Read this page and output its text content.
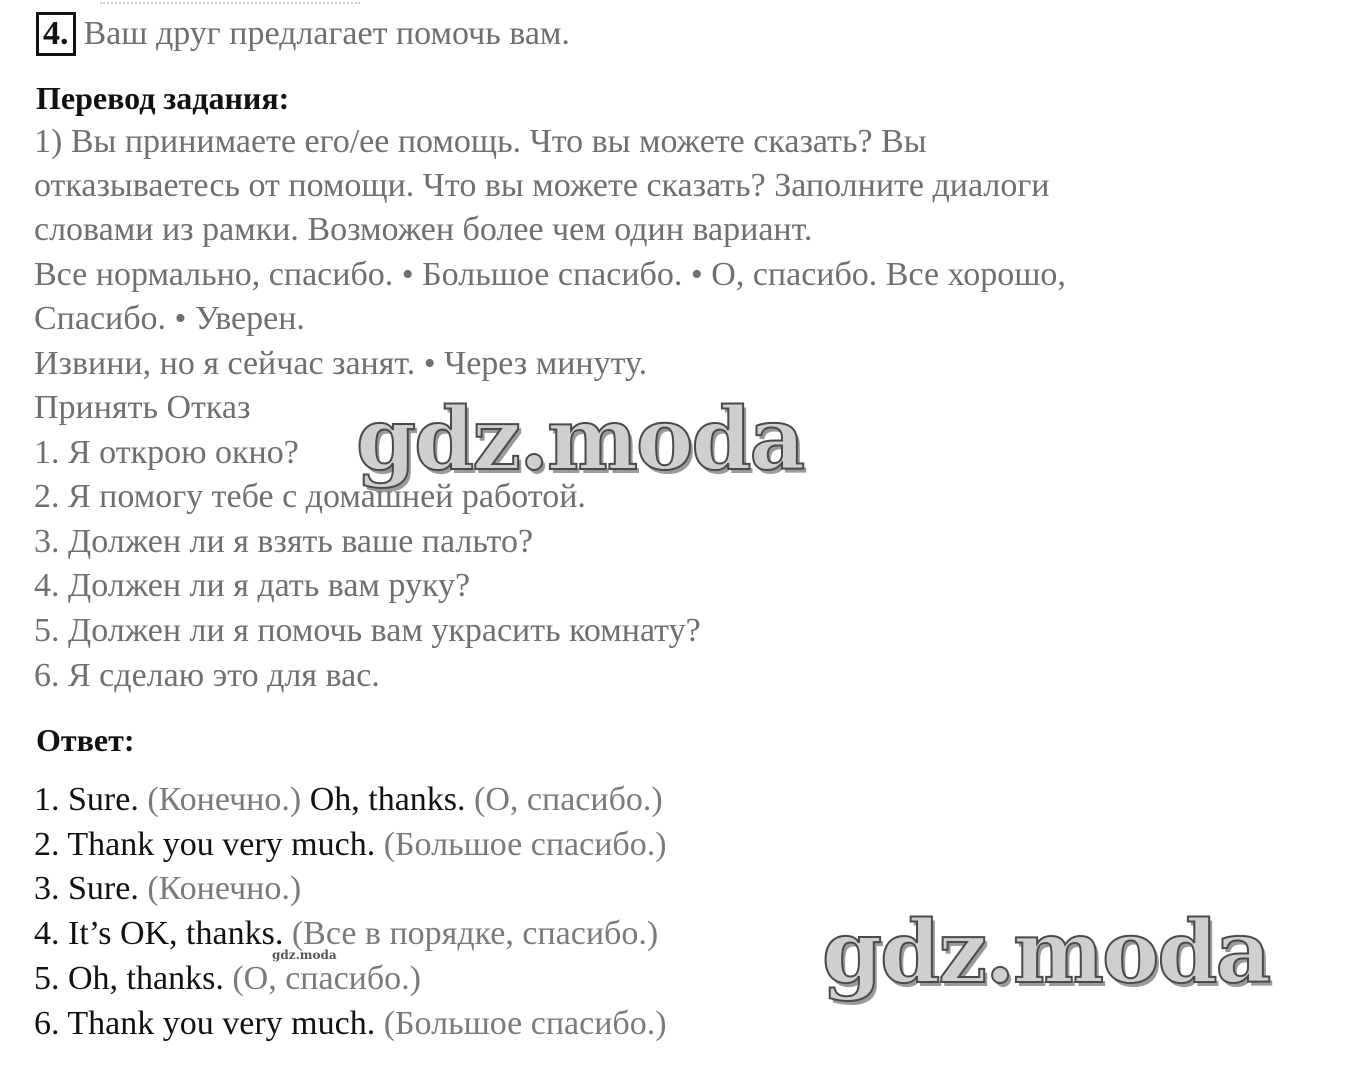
4. Ваш друг предлагает помочь вам.
Перевод задания:
1) Вы принимаете его/ее помощь. Что вы можете сказать? Вы
отказываетесь от помощи. Что вы можете сказать? Заполните диалоги
словами из рамки. Возможен более чем один вариант.
Все нормально, спасибо. • Большое спасибо. • О, спасибо. Все хорошо,
Спасибо. • Уверен.
Извини, но я сейчас занят. • Через минуту.
Принять Отказ
1. Я открою окно?
2. Я помогу тебе с домашней работой.
3. Должен ли я взять ваше пальто?
4. Должен ли я дать вам руку?
5. Должен ли я помочь вам украсить комнату?
6. Я сделаю это для вас.
Ответ:
1. Sure. (Конечно.) Oh, thanks. (О, спасибо.)
2. Thank you very much. (Большое спасибо.)
3. Sure. (Конечно.)
4. It’s OK, thanks. (Все в порядке, спасибо.)
5. Oh, thanks. (О, спасибо.)
6. Thank you very much. (Большое спасибо.)
gdz.moda
gdz.moda
gdz.moda
